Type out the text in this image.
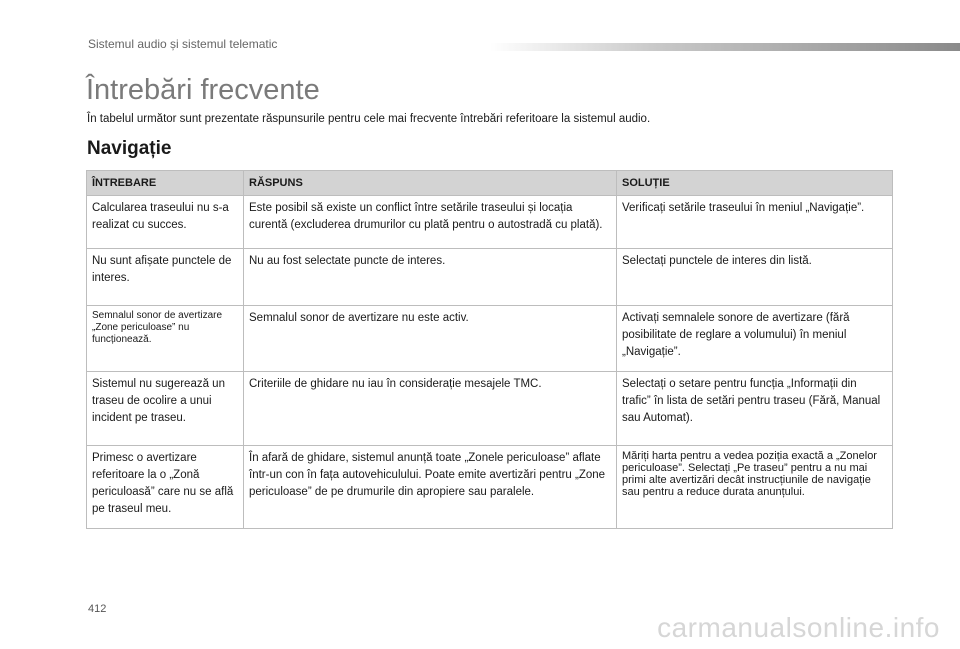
Sistemul audio și sistemul telematic
Întrebări frecvente
În tabelul următor sunt prezentate răspunsurile pentru cele mai frecvente întrebări referitoare la sistemul audio.
Navigație
ÎNTREBARE	RĂSPUNS	SOLUȚIE
Calcularea traseului nu s-a realizat cu succes.	Este posibil să existe un conflict între setările traseului și locația curentă (excluderea drumurilor cu plată pentru o autostradă cu plată).	Verificați setările traseului în meniul „Navigație”.
Nu sunt afișate punctele de interes.	Nu au fost selectate puncte de interes.	Selectați punctele de interes din listă.
Semnalul sonor de avertizare „Zone periculoase” nu funcționează.	Semnalul sonor de avertizare nu este activ.	Activați semnalele sonore de avertizare (fără posibilitate de reglare a volumului) în meniul „Navigație”.
Sistemul nu sugerează un traseu de ocolire a unui incident pe traseu.	Criteriile de ghidare nu iau în considerație mesajele TMC.	Selectați o setare pentru funcția „Informații din trafic” în lista de setări pentru traseu (Fără, Manual sau Automat).
Primesc o avertizare referitoare la o „Zonă periculoasă” care nu se află pe traseul meu.	În afară de ghidare, sistemul anunță toate „Zonele periculoase” aflate într-un con în fața autovehiculului. Poate emite avertizări pentru „Zone periculoase” de pe drumurile din apropiere sau paralele.	Măriți harta pentru a vedea poziția exactă a „Zonelor periculoase”. Selectați „Pe traseu” pentru a nu mai primi alte avertizări decât instrucțiunile de navigație sau pentru a reduce durata anunțului.
412
carmanualsonline.info
